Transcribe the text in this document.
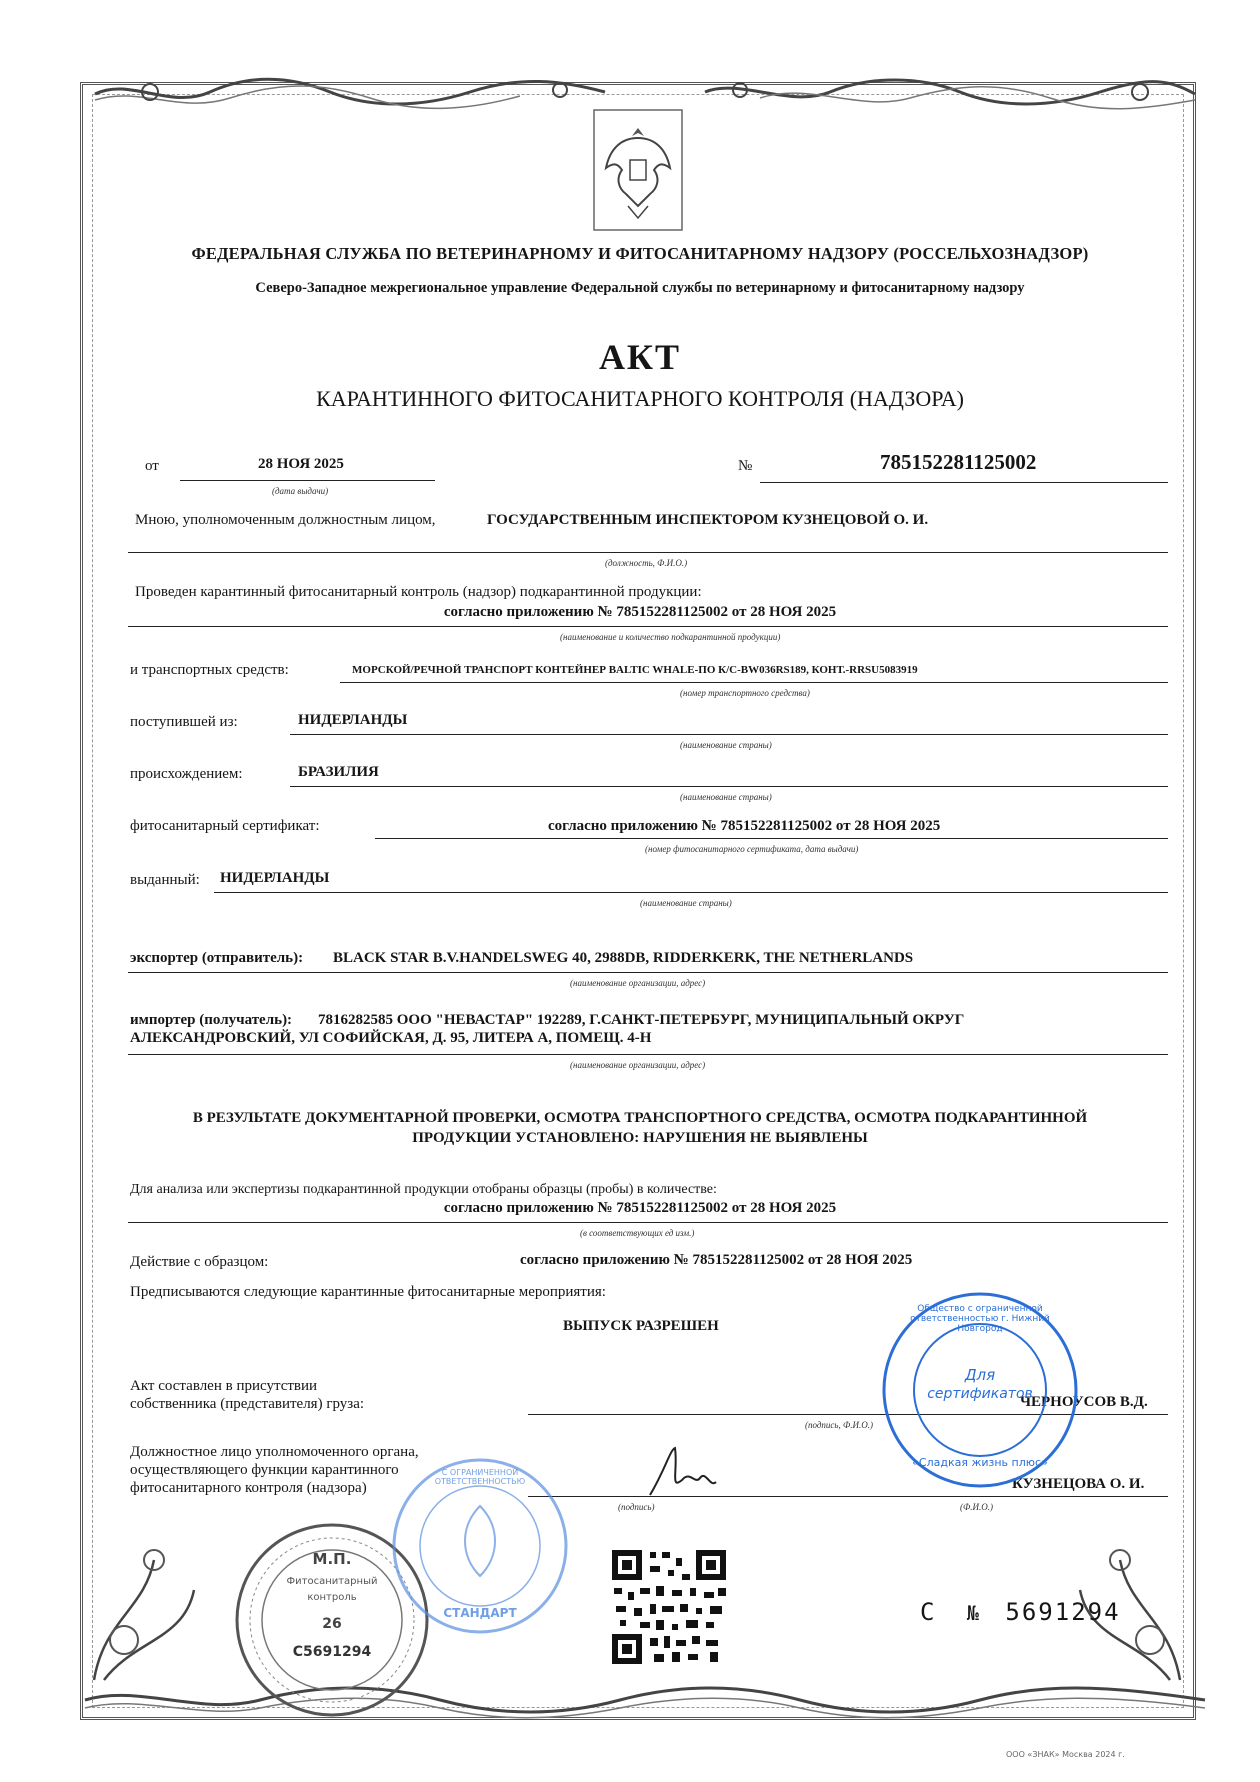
ФЕДЕРАЛЬНАЯ СЛУЖБА ПО ВЕТЕРИНАРНОМУ И ФИТОСАНИТАРНОМУ НАДЗОРУ (РОССЕЛЬХОЗНАДЗОР)
Северо-Западное межрегиональное управление Федеральной службы по ветеринарному и фитосанитарному надзору
АКТ
КАРАНТИННОГО ФИТОСАНИТАРНОГО КОНТРОЛЯ (НАДЗОРА)
от	28 НОЯ 2025
(дата выдачи)
№	785152281125002
Мною, уполномоченным должностным лицом,	ГОСУДАРСТВЕННЫМ ИНСПЕКТОРОМ КУЗНЕЦОВОЙ О. И.
(должность, Ф.И.О.)
Проведен карантинный фитосанитарный контроль (надзор) подкарантинной продукции:
согласно приложению № 785152281125002 от 28 НОЯ 2025
(наименование и количество подкарантинной продукции)
и транспортных средств:	МОРСКОЙ/РЕЧНОЙ ТРАНСПОРТ КОНТЕЙНЕР BALTIC WHALE-ПО К/С-BW036RS189, КОНТ.-RRSU5083919
(номер транспортного средства)
поступившей из:	НИДЕРЛАНДЫ
(наименование страны)
происхождением:	БРАЗИЛИЯ
(наименование страны)
фитосанитарный сертификат:	согласно приложению № 785152281125002 от 28 НОЯ 2025
(номер фитосанитарного сертификата, дата выдачи)
выданный: НИДЕРЛАНДЫ
(наименование страны)
экспортер (отправитель): BLACK STAR B.V.HANDELSWEG 40, 2988DB, RIDDERKERK, THE NETHERLANDS
(наименование организации, адрес)
импортер (получатель): 7816282585 ООО "НЕВАСТАР" 192289, Г.САНКТ-ПЕТЕРБУРГ, МУНИЦИПАЛЬНЫЙ ОКРУГ
АЛЕКСАНДРОВСКИЙ, УЛ СОФИЙСКАЯ, Д. 95, ЛИТЕРА А, ПОМЕЩ. 4-Н
(наименование организации, адрес)
В РЕЗУЛЬТАТЕ ДОКУМЕНТАРНОЙ ПРОВЕРКИ, ОСМОТРА ТРАНСПОРТНОГО СРЕДСТВА, ОСМОТРА ПОДКАРАНТИННОЙ
ПРОДУКЦИИ УСТАНОВЛЕНО: НАРУШЕНИЯ НЕ ВЫЯВЛЕНЫ
Для анализа или экспертизы подкарантинной продукции отобраны образцы (пробы) в количестве:
согласно приложению № 785152281125002 от 28 НОЯ 2025
(в соответствующих ед изм.)
Действие с образцом:	согласно приложению № 785152281125002 от 28 НОЯ 2025
Предписываются следующие карантинные фитосанитарные мероприятия:
ВЫПУСК РАЗРЕШЕН
Акт составлен в присутствии
собственника (представителя) груза:	ЧЕРНОУСОВ В.Д.
(подпись, Ф.И.О.)
Должностное лицо уполномоченного органа,
осуществляющего функции карантинного
фитосанитарного контроля (надзора)	КУЗНЕЦОВА О. И.
(подпись)	(Ф.И.О.)
М.П.
Фитосанитарный
контроль
26
С5691294
С ОГРАНИЧЕННОЙ ОТВЕТСТВЕННОСТЬЮ
СТАНДАРТ
Общество с ограниченной ответственностью г. Нижний Новгород
Для
сертификатов
«Сладкая жизнь плюс»
С № 5691294
ООО «ЗНАК» Москва 2024 г.
